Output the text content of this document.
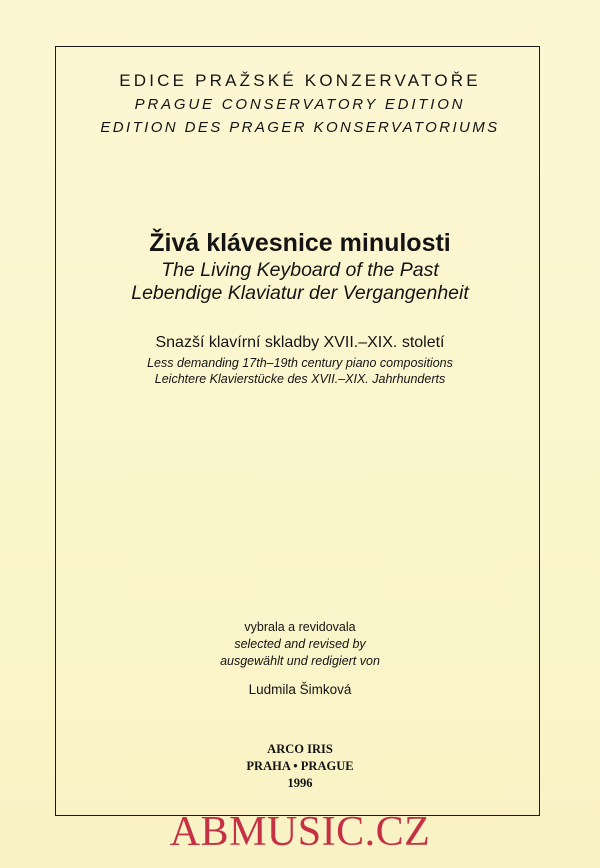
EDICE PRAŽSKÉ KONZERVATOŘE
PRAGUE CONSERVATORY EDITION
EDITION DES PRAGER KONSERVATORIUMS
Živá klávesnice minulosti
The Living Keyboard of the Past
Lebendige Klaviatur der Vergangenheit
Snazší klavírní skladby XVII.–XIX. století
Less demanding 17th–19th century piano compositions
Leichtere Klavierstücke des XVII.–XIX. Jahrhunderts
vybrala a revidovala
selected and revised by
ausgewählt und redigiert von
Ludmila Šimková
ARCO IRIS
PRAHA • PRAGUE
1996
ABMUSIC.CZ
